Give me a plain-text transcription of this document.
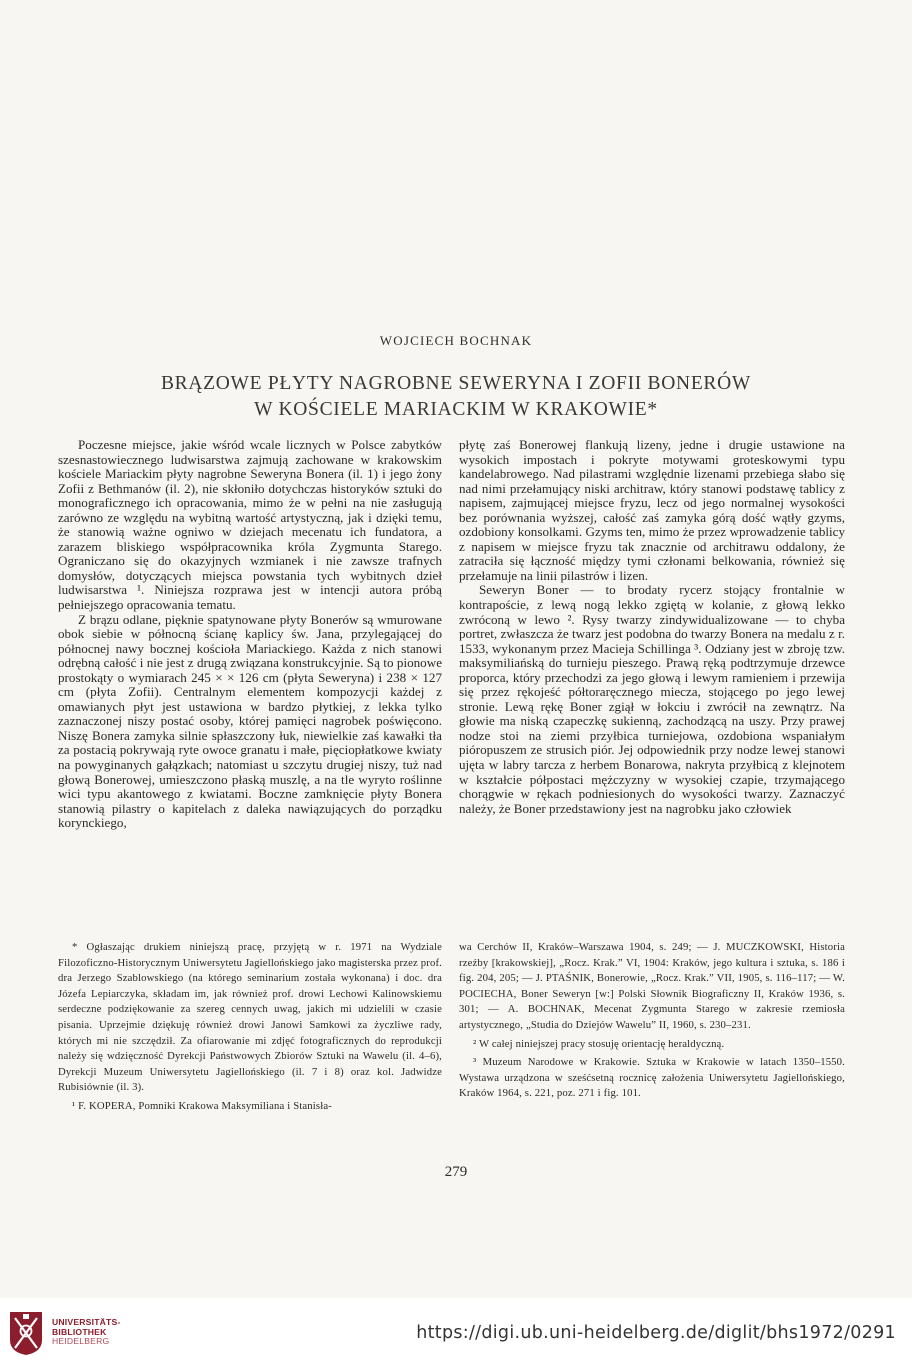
WOJCIECH BOCHNAK
BRĄZOWE PŁYTY NAGROBNE SEWERYNA I ZOFII BONERÓW
W KOŚCIELE MARIACKIM W KRAKOWIE*

Poczesne miejsce, jakie wśród wcale licznych w Polsce zabytków szesnastowiecznego ludwisarstwa zajmują zachowane w krakowskim kościele Mariackim płyty nagrobne Seweryna Bonera (il. 1) i jego żony Zofii z Bethmanów (il. 2), nie skłoniło dotychczas historyków sztuki do monograficznego ich opracowania, mimo że w pełni na nie zasługują zarówno ze względu na wybitną wartość artystyczną, jak i dzięki temu, że stanowią ważne ogniwo w dziejach mecenatu ich fundatora, a zarazem bliskiego współpracownika króla Zygmunta Starego. Ograniczano się do okazyjnych wzmianek i nie zawsze trafnych domysłów, dotyczących miejsca powstania tych wybitnych dzieł ludwisarstwa ¹. Niniejsza rozprawa jest w intencji autora próbą pełniejszego opracowania tematu.

Z brązu odlane, pięknie spatynowane płyty Bonerów są wmurowane obok siebie w północną ścianę kaplicy św. Jana, przylegającej do północnej nawy bocznej kościoła Mariackiego. Każda z nich stanowi odrębną całość i nie jest z drugą związana konstrukcyjnie. Są to pionowe prostokąty o wymiarach 245 × × 126 cm (płyta Seweryna) i 238 × 127 cm (płyta Zofii). Centralnym elementem kompozycji każdej z omawianych płyt jest ustawiona w bardzo płytkiej, z lekka tylko zaznaczonej niszy postać osoby, której pamięci nagrobek poświęcono. Niszę Bonera zamyka silnie spłaszczony łuk, niewielkie zaś kawałki tła za postacią pokrywają ryte owoce granatu i małe, pięciopłatkowe kwiaty na powyginanych gałązkach; natomiast u szczytu drugiej niszy, tuż nad głową Bonerowej, umieszczono płaską muszlę, a na tle wyryto roślinne wici typu akantowego z kwiatami. Boczne zamknięcie płyty Bonera stanowią pilastry o kapitelach z daleka nawiązujących do porządku korynckiego,

płytę zaś Bonerowej flankują lizeny, jedne i drugie ustawione na wysokich impostach i pokryte motywami groteskowymi typu kandelabrowego. Nad pilastrami względnie lizenami przebiega słabo się nad nimi przełamujący niski architraw, który stanowi podstawę tablicy z napisem, zajmującej miejsce fryzu, lecz od jego normalnej wysokości bez porównania wyższej, całość zaś zamyka górą dość wątły gzyms, ozdobiony konsolkami. Gzyms ten, mimo że przez wprowadzenie tablicy z napisem w miejsce fryzu tak znacznie od architrawu oddalony, że zatraciła się łączność między tymi członami belkowania, również się przełamuje na linii pilastrów i lizen.

Seweryn Boner — to brodaty rycerz stojący frontalnie w kontrapoście, z lewą nogą lekko zgiętą w kolanie, z głową lekko zwróconą w lewo ². Rysy twarzy zindywidualizowane — to chyba portret, zwłaszcza że twarz jest podobna do twarzy Bonera na medalu z r. 1533, wykonanym przez Macieja Schillinga ³. Odziany jest w zbroję tzw. maksymiliańską do turnieju pieszego. Prawą ręką podtrzymuje drzewce proporca, który przechodzi za jego głową i lewym ramieniem i przewija się przez rękojeść półtoraręcznego miecza, stojącego po jego lewej stronie. Lewą rękę Boner zgiął w łokciu i zwrócił na zewnątrz. Na głowie ma niską czapeczkę sukienną, zachodzącą na uszy. Przy prawej nodze stoi na ziemi przyłbica turniejowa, ozdobiona wspaniałym pióropuszem ze strusich piór. Jej odpowiednik przy nodze lewej stanowi ujęta w labry tarcza z herbem Bonarowa, nakryta przyłbicą z klejnotem w kształcie półpostaci mężczyzny w wysokiej czapie, trzymającego chorągwie w rękach podniesionych do wysokości twarzy. Zaznaczyć należy, że Boner przedstawiony jest na nagrobku jako człowiek

* Ogłaszając drukiem niniejszą pracę, przyjętą w r. 1971 na Wydziale Filozoficzno-Historycznym Uniwersytetu Jagiellońskiego jako magisterska przez prof. dra Jerzego Szablowskiego (na którego seminarium została wykonana) i doc. dra Józefa Lepiarczyka, składam im, jak również prof. drowi Lechowi Kalinowskiemu serdeczne podziękowanie za szereg cennych uwag, jakich mi udzielili w czasie pisania. Uprzejmie dziękuję również drowi Janowi Samkowi za życzliwe rady, których mi nie szczędził. Za ofiarowanie mi zdjęć fotograficznych do reprodukcji należy się wdzięczność Dyrekcji Państwowych Zbiorów Sztuki na Wawelu (il. 4–6), Dyrekcji Muzeum Uniwersytetu Jagiellońskiego (il. 7 i 8) oraz kol. Jadwidze Rubisiównie (il. 3).

¹ F. KOPERA, Pomniki Krakowa Maksymiliana i Stanisła-

wa Cerchów II, Kraków–Warszawa 1904, s. 249; — J. MUCZKOWSKI, Historia rzeźby [krakowskiej], „Rocz. Krak.” VI, 1904: Kraków, jego kultura i sztuka, s. 186 i fig. 204, 205; — J. PTAŚNIK, Bonerowie, „Rocz. Krak.” VII, 1905, s. 116–117; — W. POCIECHA, Boner Seweryn [w:] Polski Słownik Biograficzny II, Kraków 1936, s. 301; — A. BOCHNAK, Mecenat Zygmunta Starego w zakresie rzemiosła artystycznego, „Studia do Dziejów Wawelu” II, 1960, s. 230–231.

² W całej niniejszej pracy stosuję orientację heraldyczną.

³ Muzeum Narodowe w Krakowie. Sztuka w Krakowie w latach 1350–1550. Wystawa urządzona w sześćsetną rocznicę założenia Uniwersytetu Jagiellońskiego, Kraków 1964, s. 221, poz. 271 i fig. 101.

279
UNIVERSITÄTS-
BIBLIOTHEK
HEIDELBERG	https://digi.ub.uni-heidelberg.de/diglit/bhs1972/0291
